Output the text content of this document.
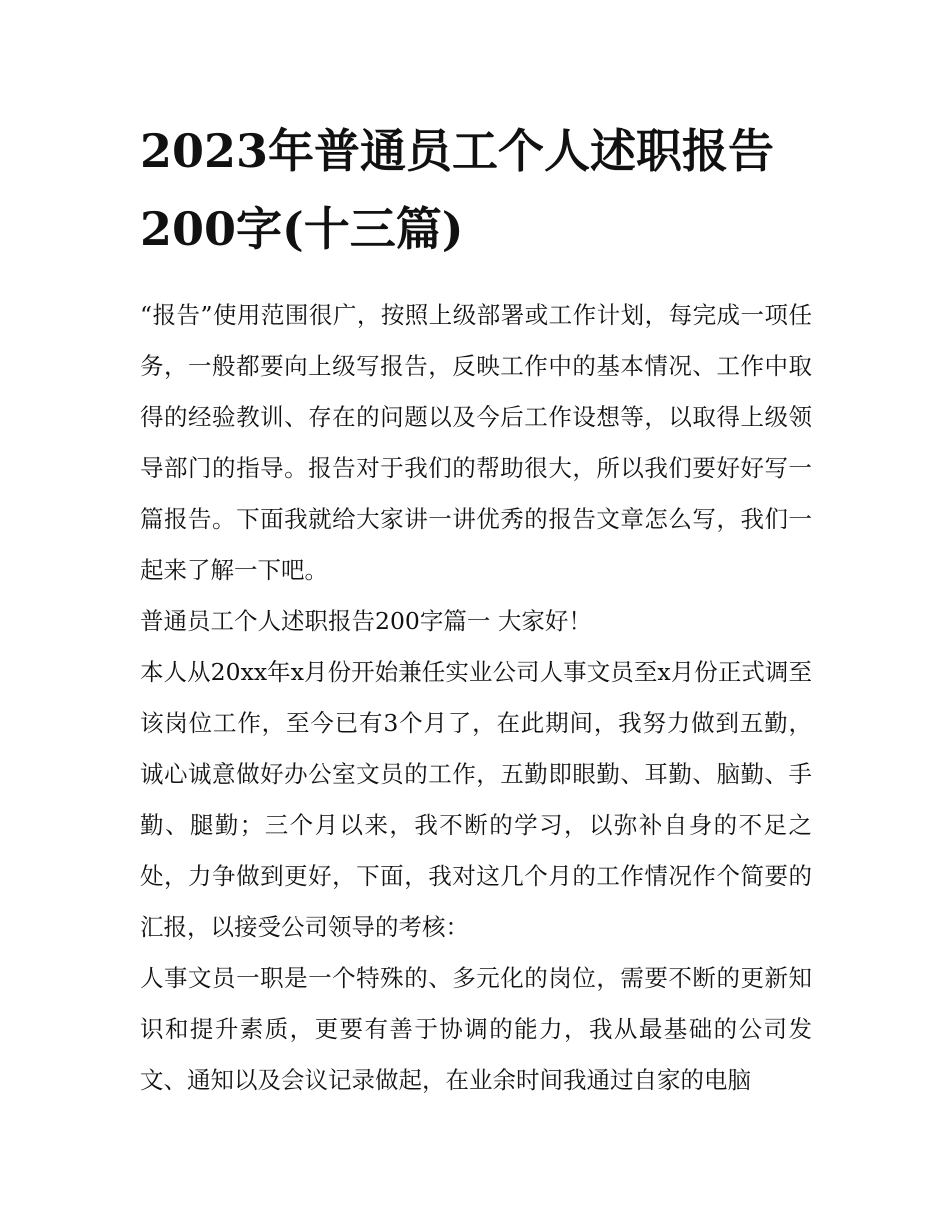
2023年普通员工个人述职报告200字(十三篇)

“报告”使用范围很广，按照上级部署或工作计划，每完成一项任务，一般都要向上级写报告，反映工作中的基本情况、工作中取得的经验教训、存在的问题以及今后工作设想等，以取得上级领导部门的指导。报告对于我们的帮助很大，所以我们要好好写一篇报告。下面我就给大家讲一讲优秀的报告文章怎么写，我们一起来了解一下吧。

普通员工个人述职报告200字篇一 大家好！

本人从20xx年x月份开始兼任实业公司人事文员至x月份正式调至该岗位工作，至今已有3个月了，在此期间，我努力做到五勤，诚心诚意做好办公室文员的工作，五勤即眼勤、耳勤、脑勤、手勤、腿勤；三个月以来，我不断的学习，以弥补自身的不足之处，力争做到更好，下面，我对这几个月的工作情况作个简要的汇报，以接受公司领导的考核：

人事文员一职是一个特殊的、多元化的岗位，需要不断的更新知识和提升素质，更要有善于协调的能力，我从最基础的公司发文、通知以及会议记录做起，在业余时间我通过自家的电脑
